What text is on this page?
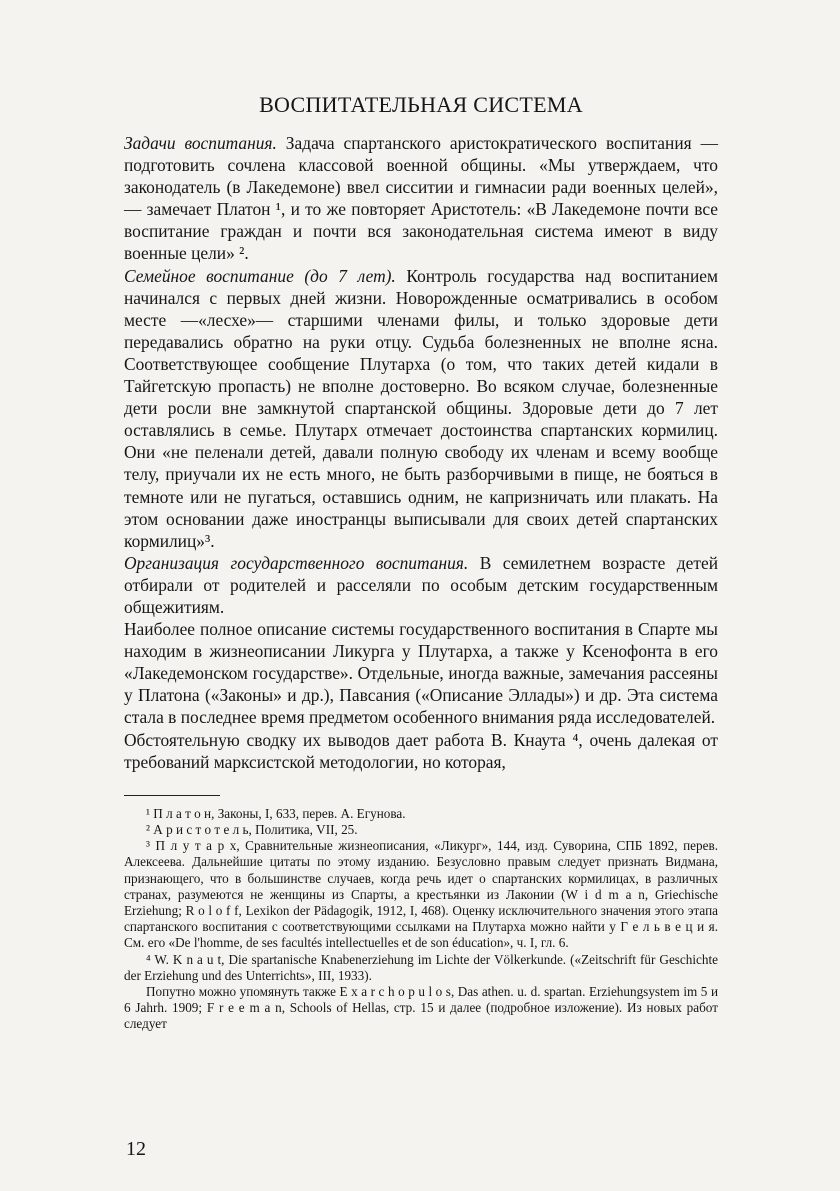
ВОСПИТАТЕЛЬНАЯ СИСТЕМА

Задачи воспитания. Задача спартанского аристократического воспитания — подготовить сочлена классовой военной общины. «Мы утверждаем, что законодатель (в Лакедемоне) ввел сисситии и гимнасии ради военных целей»,— замечает Платон ¹, и то же повторяет Аристотель: «В Лакедемоне почти все воспитание граждан и почти вся законодательная система имеют в виду военные цели» ².

Семейное воспитание (до 7 лет). Контроль государства над воспитанием начинался с первых дней жизни. Новорожденные осматривались в особом месте —«лесхе»— старшими членами филы, и только здоровые дети передавались обратно на руки отцу. Судьба болезненных не вполне ясна. Соответствующее сообщение Плутарха (о том, что таких детей кидали в Тайгетскую пропасть) не вполне достоверно. Во всяком случае, болезненные дети росли вне замкнутой спартанской общины. Здоровые дети до 7 лет оставлялись в семье. Плутарх отмечает достоинства спартанских кормилиц. Они «не пеленали детей, давали полную свободу их членам и всему вообще телу, приучали их не есть много, не быть разборчивыми в пище, не бояться в темноте или не пугаться, оставшись одним, не капризничать или плакать. На этом основании даже иностранцы выписывали для своих детей спартанских кормилиц»³.

Организация государственного воспитания. В семилетнем возрасте детей отбирали от родителей и расселяли по особым детским государственным общежитиям.

Наиболее полное описание системы государственного воспитания в Спарте мы находим в жизнеописании Ликурга у Плутарха, а также у Ксенофонта в его «Лакедемонском государстве». Отдельные, иногда важные, замечания рассеяны у Платона («Законы» и др.), Павсания («Описание Эллады») и др. Эта система стала в последнее время предметом особенного внимания ряда исследователей.

Обстоятельную сводку их выводов дает работа В. Кнаута ⁴, очень далекая от требований марксистской методологии, но которая,

¹ П л а т о н, Законы, I, 633, перев. А. Егунова.

² А р и с т о т е л ь, Политика, VII, 25.

³ П л у т а р х, Сравнительные жизнеописания, «Ликург», 144, изд. Суворина, СПБ 1892, перев. Алексеева. Дальнейшие цитаты по этому изданию. Безусловно правым следует признать Видмана, признающего, что в большинстве случаев, когда речь идет о спартанских кормилицах, в различных странах, разумеются не женщины из Спарты, а крестьянки из Лаконии (W i d m a n, Griechische Erziehung; R o l o f f, Lexikon der Pädagogik, 1912, I, 468). Оценку исключительного значения этого этапа спартанского воспитания с соответствующими ссылками на Плутарха можно найти у Г е л ь в е ц и я. См. его «De l'homme, de ses facultés intellectuelles et de son éducation», ч. I, гл. 6.

⁴ W. K n a u t, Die spartanische Knabenerziehung im Lichte der Völkerkunde. («Zeitschrift für Geschichte der Erziehung und des Unterrichts», III, 1933).

Попутно можно упомянуть также E x a r c h o p u l o s, Das athen. u. d. spartan. Erziehungsystem im 5 и 6 Jahrh. 1909; F r e e m a n, Schools of Hellas, стр. 15 и далее (подробное изложение). Из новых работ следует

12
